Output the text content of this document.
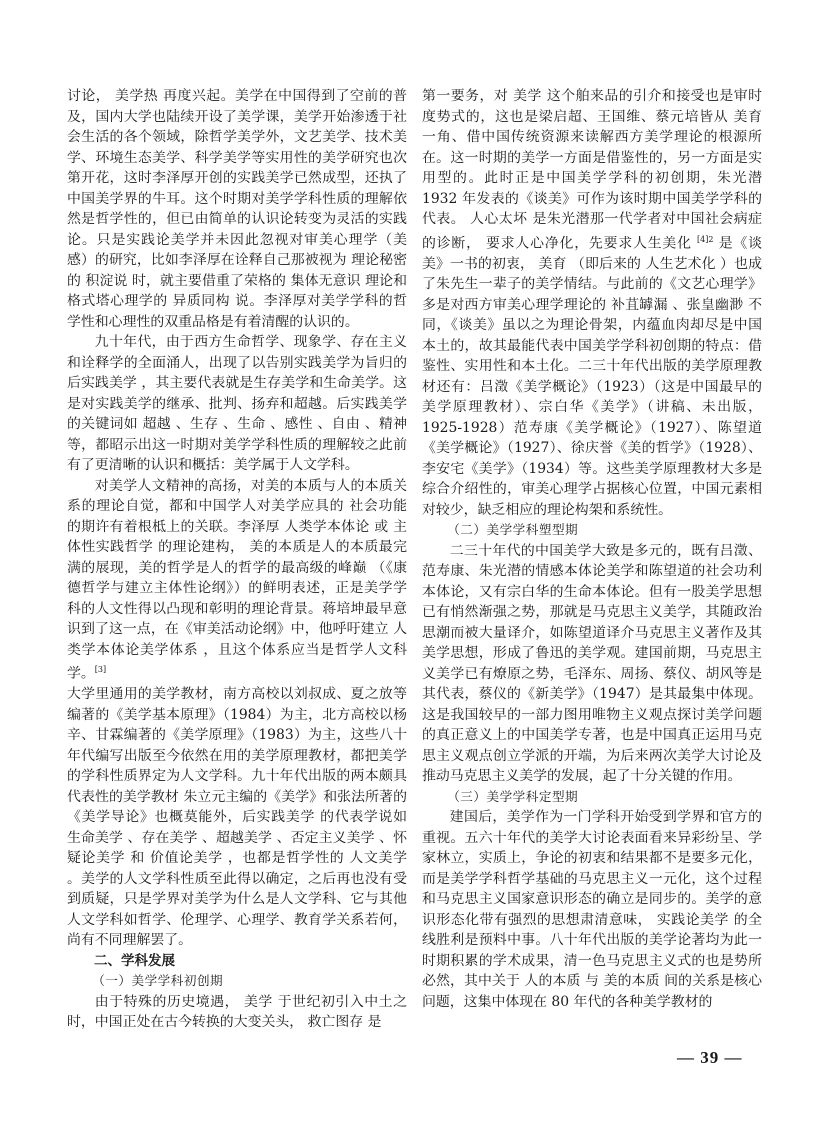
讨论， 美学热 再度兴起。美学在中国得到了空前的普及，国内大学也陆续开设了美学课，美学开始渗透于社会生活的各个领域，除哲学美学外，文艺美学、技术美学、环境生态美学、科学美学等实用性的美学研究也次第开花，这时李泽厚开创的实践美学已然成型，还执了中国美学界的牛耳。这个时期对美学学科性质的理解依然是哲学性的，但已由简单的认识论转变为灵活的实践论。只是实践论美学并未因此忽视对审美心理学（美感）的研究，比如李泽厚在诠释自己那被视为 理论秘密 的 积淀说 时，就主要借重了荣格的 集体无意识 理论和格式塔心理学的 异质同构 说。李泽厚对美学学科的哲学性和心理性的双重品格是有着清醒的认识的。

九十年代，由于西方生命哲学、现象学、存在主义和诠释学的全面涌人，出现了以告别实践美学为旨归的 后实践美学 ，其主要代表就是生存美学和生命美学。这是对实践美学的继承、批判、扬弃和超越。后实践美学的关键词如 超越 、生存 、生命 、感性 、自由 、精神 等，都昭示出这一时期对美学学科性质的理解较之此前有了更清晰的认识和概括：美学属于人文学科。

对美学人文精神的高扬，对美的本质与人的本质关系的理论自觉，都和中国学人对美学应具的 社会功能 的期许有着根柢上的关联。李泽厚 人类学本体论 或 主体性实践哲学 的理论建构， 美的本质是人的本质最完满的展现，美的哲学是人的哲学的最高级的峰巅 （《康德哲学与建立主体性论纲》）的鲜明表述，正是美学学科的人文性得以凸现和彰明的理论背景。蒋培坤最早意识到了这一点，在《审美活动论纲》中，他呼吁建立 人类学本体论美学体系 ，且这个体系应当是哲学人文科学。[3]

大学里通用的美学教材，南方高校以刘叔成、夏之放等编著的《美学基本原理》（1984）为主，北方高校以杨辛、甘霖编著的《美学原理》（1983）为主，这些八十年代编写出版至今依然在用的美学原理教材，都把美学的学科性质界定为人文学科。九十年代出版的两本颇具代表性的美学教材 朱立元主编的《美学》和张法所著的《美学导论》也概莫能外，后实践美学 的代表学说如 生命美学 、存在美学 、超越美学 、否定主义美学 、怀疑论美学 和 价值论美学 ，也都是哲学性的 人文美学 。美学的人文学科性质至此得以确定，之后再也没有受到质疑，只是学界对美学为什么是人文学科、它与其他人文学科如哲学、伦理学、心理学、教育学关系若何，尚有不同理解罢了。

二、学科发展
（一）美学学科初创期

由于特殊的历史境遇， 美学 于世纪初引入中土之时，中国正处在古今转换的大变关头， 救亡图存 是

第一要务，对 美学 这个舶来品的引介和接受也是审时度势式的，这也是梁启超、王国维、蔡元培皆从 美育 一角、借中国传统资源来读解西方美学理论的根源所在。这一时期的美学一方面是借鉴性的，另一方面是实用型的。此时正是中国美学学科的初创期，朱光潜 1932 年发表的《谈美》可作为该时期中国美学学科的代表。 人心太坏 是朱光潜那一代学者对中国社会病症的诊断， 要求人心净化，先要求人生美化 $^{[4]2}$ 是《谈美》一书的初衷， 美育 （即后来的 人生艺术化 ）也成了朱先生一辈子的美学情结。与此前的《文艺心理学》多是对西方审美心理学理论的 补苴罅漏 、张皇幽渺 不同，《谈美》虽以之为理论骨架，内蕴血肉却尽是中国本土的，故其最能代表中国美学学科初创期的特点：借鉴性、实用性和本土化。二三十年代出版的美学原理教材还有：吕澂《美学概论》（1923）（这是中国最早的美学原理教材）、宗白华《美学》（讲稿、未出版，1925-1928）范寿康《美学概论》（1927）、陈望道《美学概论》（1927）、徐庆誉《美的哲学》（1928）、李安宅《美学》（1934）等。这些美学原理教材大多是综合介绍性的，审美心理学占据核心位置，中国元素相对较少，缺乏相应的理论构架和系统性。

（二）美学学科塑型期

二三十年代的中国美学大致是多元的，既有吕澂、范寿康、朱光潜的情感本体论美学和陈望道的社会功利本体论，又有宗白华的生命本体论。但有一股美学思想已有悄然渐强之势，那就是马克思主义美学，其随政治思潮而被大量译介，如陈望道译介马克思主义著作及其美学思想，形成了鲁迅的美学观。建国前期，马克思主义美学已有燎原之势，毛泽东、周扬、蔡仪、胡风等是其代表，蔡仪的《新美学》（1947）是其最集中体现。这是我国较早的一部力图用唯物主义观点探讨美学问题的真正意义上的中国美学专著，也是中国真正运用马克思主义观点创立学派的开端，为后来两次美学大讨论及推动马克思主义美学的发展，起了十分关键的作用。

（三）美学学科定型期

建国后，美学作为一门学科开始受到学界和官方的重视。五六十年代的美学大讨论表面看来异彩纷呈、学家林立，实质上，争论的初衷和结果都不是要多元化，而是美学学科哲学基础的马克思主义一元化，这个过程和马克思主义国家意识形态的确立是同步的。美学的意识形态化带有强烈的思想肃清意味， 实践论美学 的全线胜利是预料中事。八十年代出版的美学论著均为此一时期积累的学术成果，清一色马克思主义式的也是势所必然，其中关于 人的本质 与 美的本质 间的关系是核心问题，这集中体现在 80 年代的各种美学教材的

— 39 —
